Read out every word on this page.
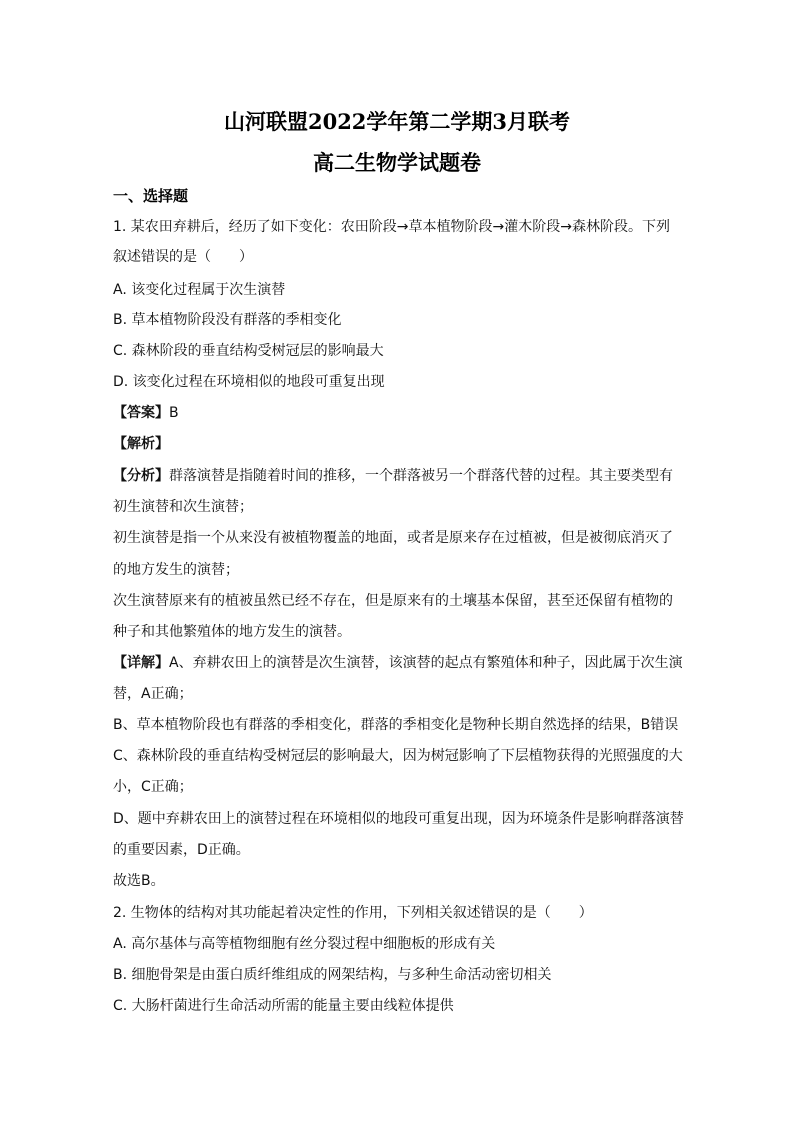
山河联盟2022学年第二学期3月联考
高二生物学试题卷
一、选择题
1. 某农田弃耕后，经历了如下变化：农田阶段→草本植物阶段→灌木阶段→森林阶段。下列
叙述错误的是（　　）
A. 该变化过程属于次生演替
B. 草本植物阶段没有群落的季相变化
C. 森林阶段的垂直结构受树冠层的影响最大
D. 该变化过程在环境相似的地段可重复出现
【答案】B
【解析】
【分析】群落演替是指随着时间的推移，一个群落被另一个群落代替的过程。其主要类型有
初生演替和次生演替；
初生演替是指一个从来没有被植物覆盖的地面，或者是原来存在过植被，但是被彻底消灭了
的地方发生的演替；
次生演替原来有的植被虽然已经不存在，但是原来有的土壤基本保留，甚至还保留有植物的
种子和其他繁殖体的地方发生的演替。
【详解】A、弃耕农田上的演替是次生演替，该演替的起点有繁殖体和种子，因此属于次生演
替，A正确；
B、草本植物阶段也有群落的季相变化，群落的季相变化是物种长期自然选择的结果，B错误
C、森林阶段的垂直结构受树冠层的影响最大，因为树冠影响了下层植物获得的光照强度的大
小，C正确；
D、题中弃耕农田上的演替过程在环境相似的地段可重复出现，因为环境条件是影响群落演替
的重要因素，D正确。
故选B。
2. 生物体的结构对其功能起着决定性的作用，下列相关叙述错误的是（　　）
A. 高尔基体与高等植物细胞有丝分裂过程中细胞板的形成有关
B. 细胞骨架是由蛋白质纤维组成的网架结构，与多种生命活动密切相关
C. 大肠杆菌进行生命活动所需的能量主要由线粒体提供
